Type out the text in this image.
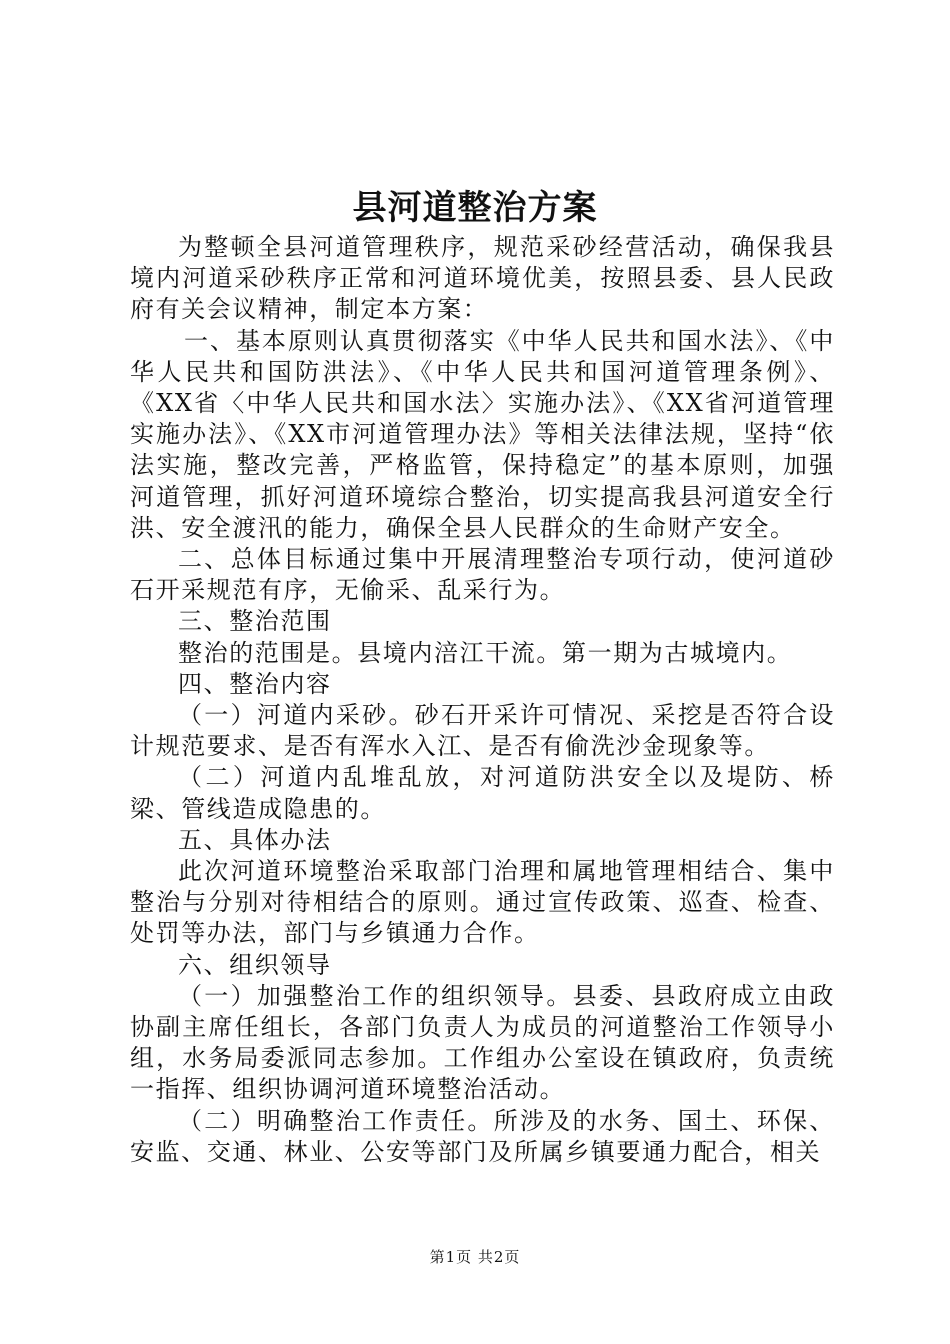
县河道整治方案

为整顿全县河道管理秩序，规范采砂经营活动，确保我县境内河道采砂秩序正常和河道环境优美，按照县委、县人民政府有关会议精神，制定本方案：

一、基本原则认真贯彻落实《中华人民共和国水法》、《中华人民共和国防洪法》、《中华人民共和国河道管理条例》、《XX省〈中华人民共和国水法〉实施办法》、《XX省河道管理实施办法》、《XX市河道管理办法》等相关法律法规，坚持“依法实施，整改完善，严格监管，保持稳定”的基本原则，加强河道管理，抓好河道环境综合整治，切实提高我县河道安全行洪、安全渡汛的能力，确保全县人民群众的生命财产安全。

二、总体目标通过集中开展清理整治专项行动，使河道砂石开采规范有序，无偷采、乱采行为。

三、整治范围

整治的范围是。县境内涪江干流。第一期为古城境内。

四、整治内容

（一）河道内采砂。砂石开采许可情况、采挖是否符合设计规范要求、是否有浑水入江、是否有偷洗沙金现象等。

（二）河道内乱堆乱放，对河道防洪安全以及堤防、桥梁、管线造成隐患的。

五、具体办法

此次河道环境整治采取部门治理和属地管理相结合、集中整治与分别对待相结合的原则。通过宣传政策、巡查、检查、处罚等办法，部门与乡镇通力合作。

六、组织领导

（一）加强整治工作的组织领导。县委、县政府成立由政协副主席任组长，各部门负责人为成员的河道整治工作领导小组，水务局委派同志参加。工作组办公室设在镇政府，负责统一指挥、组织协调河道环境整治活动。

（二）明确整治工作责任。所涉及的水务、国土、环保、安监、交通、林业、公安等部门及所属乡镇要通力配合，相关

第1页 共2页
